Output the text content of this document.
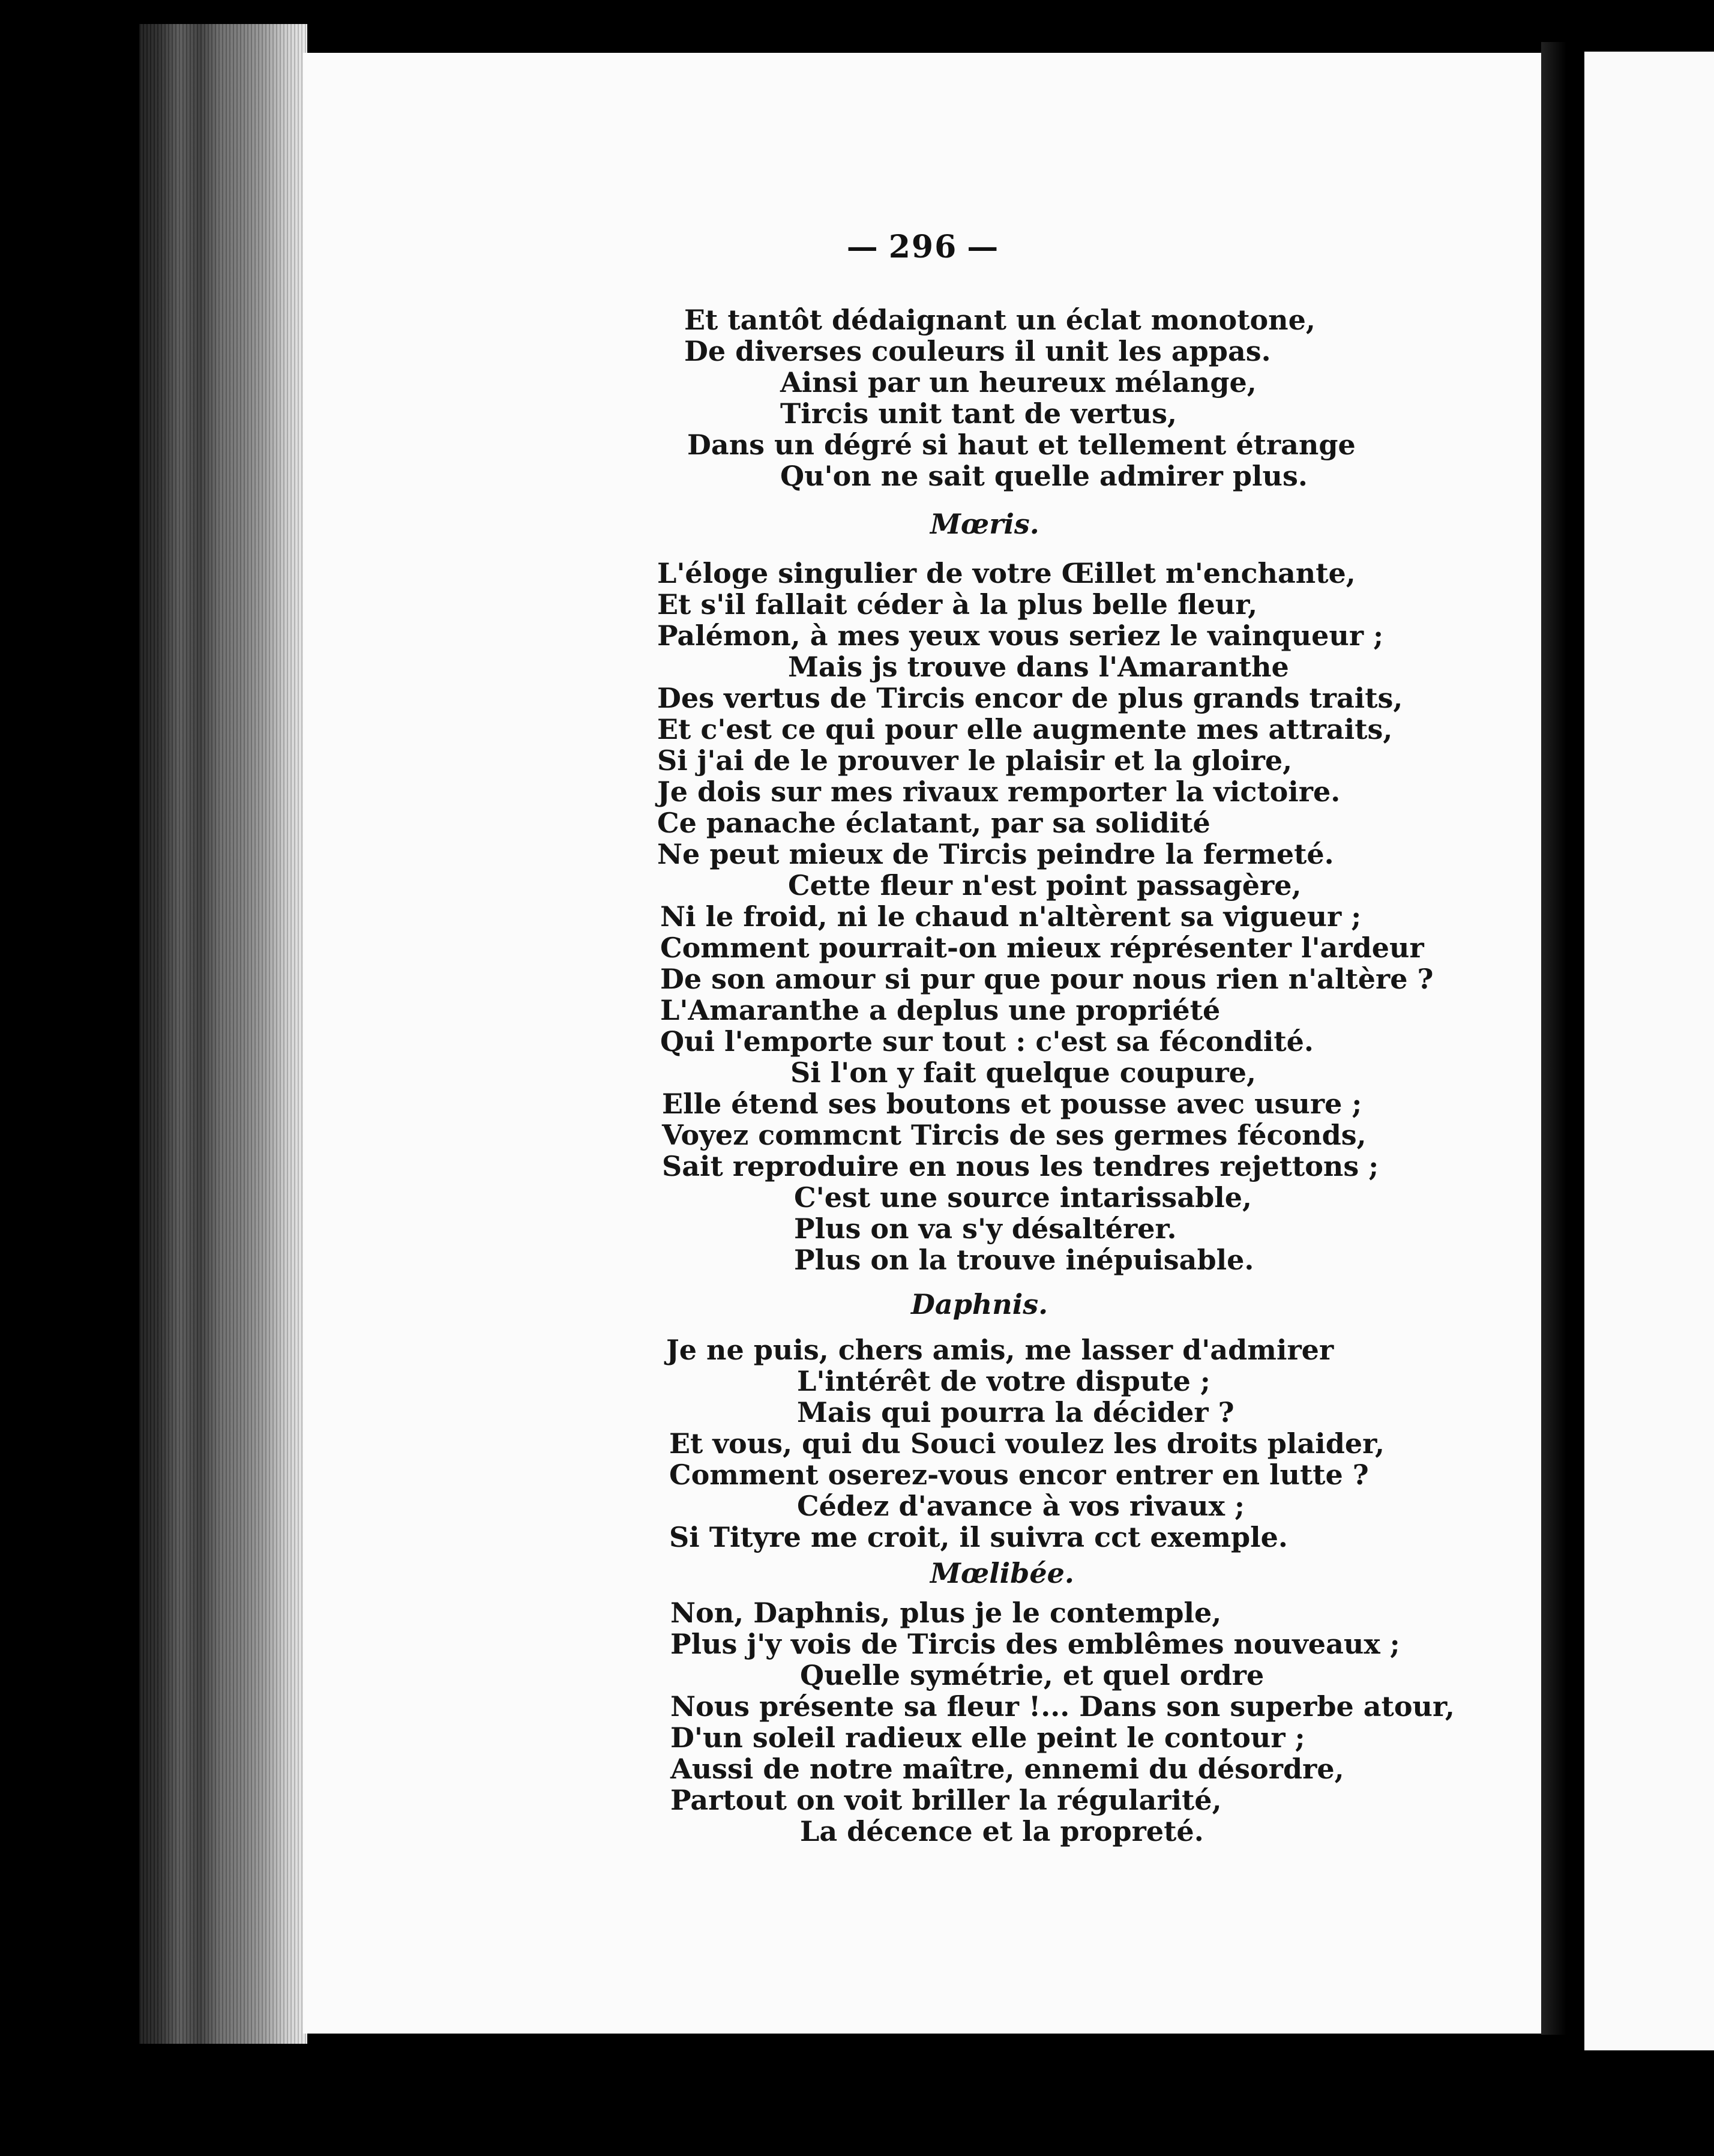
— 296 —
Et tantôt dédaignant un éclat monotone,
De diverses couleurs il unit les appas.
Ainsi par un heureux mélange,
Tircis unit tant de vertus,
Dans un dégré si haut et tellement étrange
Qu'on ne sait quelle admirer plus.
Mœris.
L'éloge singulier de votre Œillet m'enchante,
Et s'il fallait céder à la plus belle fleur,
Palémon, à mes yeux vous seriez le vainqueur ;
Mais js trouve dans l'Amaranthe
Des vertus de Tircis encor de plus grands traits,
Et c'est ce qui pour elle augmente mes attraits,
Si j'ai de le prouver le plaisir et la gloire,
Je dois sur mes rivaux remporter la victoire.
Ce panache éclatant, par sa solidité
Ne peut mieux de Tircis peindre la fermeté.
Cette fleur n'est point passagère,
Ni le froid, ni le chaud n'altèrent sa vigueur ;
Comment pourrait-on mieux réprésenter l'ardeur
De son amour si pur que pour nous rien n'altère ?
L'Amaranthe a deplus une propriété
Qui l'emporte sur tout : c'est sa fécondité.
Si l'on y fait quelque coupure,
Elle étend ses boutons et pousse avec usure ;
Voyez commcnt Tircis de ses germes féconds,
Sait reproduire en nous les tendres rejettons ;
C'est une source intarissable,
Plus on va s'y désaltérer.
Plus on la trouve inépuisable.
Daphnis.
Je ne puis, chers amis, me lasser d'admirer
L'intérêt de votre dispute ;
Mais qui pourra la décider ?
Et vous, qui du Souci voulez les droits plaider,
Comment oserez-vous encor entrer en lutte ?
Cédez d'avance à vos rivaux ;
Si Tityre me croit, il suivra cct exemple.
Mœlibée.
Non, Daphnis, plus je le contemple,
Plus j'y vois de Tircis des emblêmes nouveaux ;
Quelle symétrie, et quel ordre
Nous présente sa fleur !... Dans son superbe atour,
D'un soleil radieux elle peint le contour ;
Aussi de notre maître, ennemi du désordre,
Partout on voit briller la régularité,
La décence et la propreté.
